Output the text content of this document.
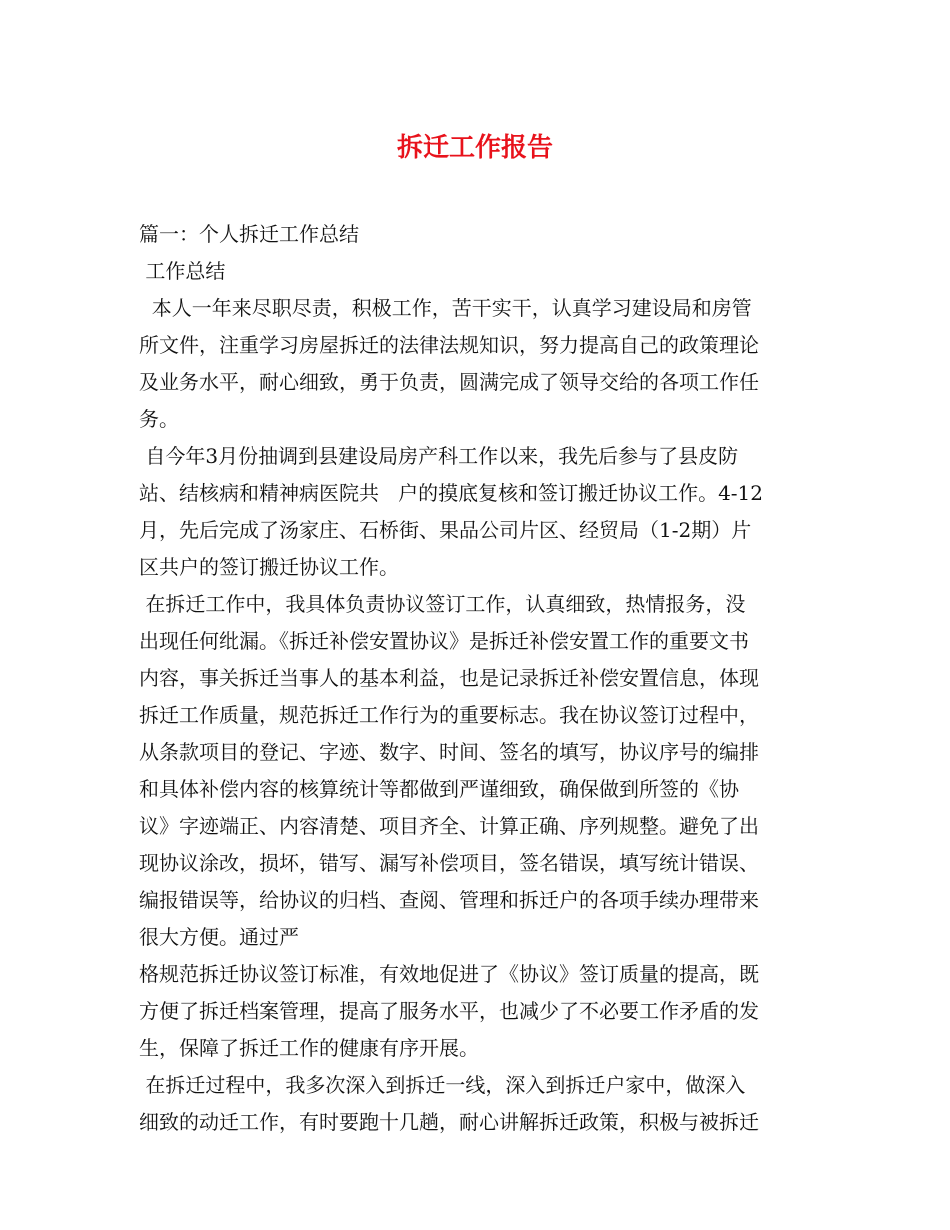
拆迁工作报告
篇一：个人拆迁工作总结
工作总结
本人一年来尽职尽责，积极工作，苦干实干，认真学习建设局和房管
所文件，注重学习房屋拆迁的法律法规知识，努力提高自己的政策理论
及业务水平，耐心细致，勇于负责，圆满完成了领导交给的各项工作任
务。
自今年3月份抽调到县建设局房产科工作以来，我先后参与了县皮防
站、结核病和精神病医院共   户的摸底复核和签订搬迁协议工作。4-12
月，先后完成了汤家庄、石桥街、果品公司片区、经贸局（1-2期）片
区共户的签订搬迁协议工作。
在拆迁工作中，我具体负责协议签订工作，认真细致，热情报务，没
出现任何纰漏。《拆迁补偿安置协议》是拆迁补偿安置工作的重要文书
内容，事关拆迁当事人的基本利益，也是记录拆迁补偿安置信息，体现
拆迁工作质量，规范拆迁工作行为的重要标志。我在协议签订过程中，
从条款项目的登记、字迹、数字、时间、签名的填写，协议序号的编排
和具体补偿内容的核算统计等都做到严谨细致，确保做到所签的《协
议》字迹端正、内容清楚、项目齐全、计算正确、序列规整。避免了出
现协议涂改，损坏，错写、漏写补偿项目，签名错误，填写统计错误、
编报错误等，给协议的归档、查阅、管理和拆迁户的各项手续办理带来
很大方便。通过严
格规范拆迁协议签订标准，有效地促进了《协议》签订质量的提高，既
方便了拆迁档案管理，提高了服务水平，也减少了不必要工作矛盾的发
生，保障了拆迁工作的健康有序开展。
在拆迁过程中，我多次深入到拆迁一线，深入到拆迁户家中，做深入
细致的动迁工作，有时要跑十几趟，耐心讲解拆迁政策，积极与被拆迁
